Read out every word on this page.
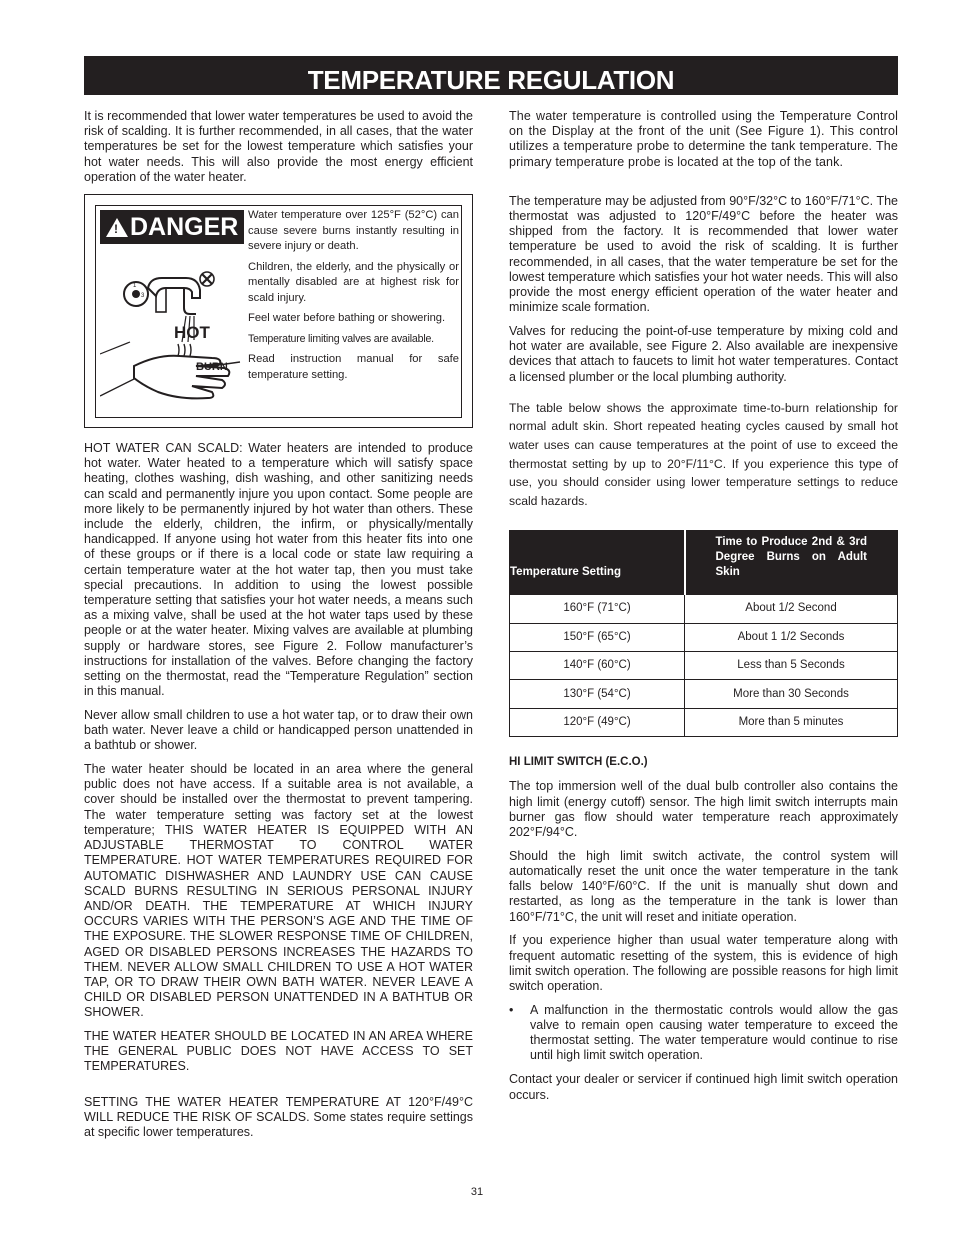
TEMPERATURE REGULATION

It is recommended that lower water temperatures be used to avoid the risk of scalding. It is further recommended, in all cases, that the water temperatures be set for the lowest temperature which satisfies your hot water needs. This will also provide the most energy efficient operation of the water heater.

! DANGER
1
3
HOT
BURN

Water temperature over 125°F (52°C) can cause severe burns instantly resulting in severe injury or death.

Children, the elderly, and the physically or mentally disabled are at highest risk for scald injury.

Feel water before bathing or showering.

Temperature limiting valves are available.

Read instruction manual for safe temperature setting.

HOT WATER CAN SCALD: Water heaters are intended to produce hot water. Water heated to a temperature which will satisfy space heating, clothes washing, dish washing, and other sanitizing needs can scald and permanently injure you upon contact. Some people are more likely to be permanently injured by hot water than others. These include the elderly, children, the infirm, or physically/mentally handicapped. If anyone using hot water from this heater fits into one of these groups or if there is a local code or state law requiring a certain temperature water at the hot water tap, then you must take special precautions. In addition to using the lowest possible temperature setting that satisfies your hot water needs, a means such as a mixing valve, shall be used at the hot water taps used by these people or at the water heater. Mixing valves are available at plumbing supply or hardware stores, see Figure 2. Follow manufacturer’s instructions for installation of the valves. Before changing the factory setting on the thermostat, read the “Temperature Regulation” section in this manual.

Never allow small children to use a hot water tap, or to draw their own bath water. Never leave a child or handicapped person unattended in a bathtub or shower.

The water heater should be located in an area where the general public does not have access. If a suitable area is not available, a cover should be installed over the thermostat to prevent tampering. The water temperature setting was factory set at the lowest temperature; THIS WATER HEATER IS EQUIPPED WITH AN ADJUSTABLE THERMOSTAT TO CONTROL WATER TEMPERATURE. HOT WATER TEMPERATURES REQUIRED FOR AUTOMATIC DISHWASHER AND LAUNDRY USE CAN CAUSE SCALD BURNS RESULTING IN SERIOUS PERSONAL INJURY AND/OR DEATH. THE TEMPERATURE AT WHICH INJURY OCCURS VARIES WITH THE PERSON’S AGE AND THE TIME OF THE EXPOSURE. THE SLOWER RESPONSE TIME OF CHILDREN, AGED OR DISABLED PERSONS INCREASES THE HAZARDS TO THEM. NEVER ALLOW SMALL CHILDREN TO USE A HOT WATER TAP, OR TO DRAW THEIR OWN BATH WATER. NEVER LEAVE A CHILD OR DISABLED PERSON UNATTENDED IN A BATHTUB OR SHOWER.

THE WATER HEATER SHOULD BE LOCATED IN AN AREA WHERE THE GENERAL PUBLIC DOES NOT HAVE ACCESS TO SET TEMPERATURES.

SETTING THE WATER HEATER TEMPERATURE AT 120°F/49°C WILL REDUCE THE RISK OF SCALDS. Some states require settings at specific lower temperatures.

The water temperature is controlled using the Temperature Control on the Display at the front of the unit (See Figure 1). This control utilizes a temperature probe to determine the tank temperature. The primary temperature probe is located at the top of the tank.

The temperature may be adjusted from 90°F/32°C to 160°F/71°C. The thermostat was adjusted to 120°F/49°C before the heater was shipped from the factory. It is recommended that lower water temperature be used to avoid the risk of scalding. It is further recommended, in all cases, that the water temperature be set for the lowest temperature which satisfies your hot water needs. This will also provide the most energy efficient operation of the water heater and minimize scale formation.

Valves for reducing the point-of-use temperature by mixing cold and hot water are available, see Figure 2. Also available are inexpensive devices that attach to faucets to limit hot water temperatures. Contact a licensed plumber or the local plumbing authority.

The table below shows the approximate time-to-burn relationship for normal adult skin. Short repeated heating cycles caused by small hot water uses can cause temperatures at the point of use to exceed the thermostat setting by up to 20°F/11°C. If you experience this type of use, you should consider using lower temperature settings to reduce scald hazards.

Temperature Setting	Time to Produce 2nd & 3rd Degree Burns on Adult Skin
160°F (71°C)	About 1/2 Second
150°F (65°C)	About 1 1/2 Seconds
140°F (60°C)	Less than 5 Seconds
130°F (54°C)	More than 30 Seconds
120°F (49°C)	More than 5 minutes

HI LIMIT SWITCH (E.C.O.)

The top immersion well of the dual bulb controller also contains the high limit (energy cutoff) sensor. The high limit switch interrupts main burner gas flow should water temperature reach approximately 202°F/94°C.

Should the high limit switch activate, the control system will automatically reset the unit once the water temperature in the tank falls below 140°F/60°C. If the unit is manually shut down and restarted, as long as the temperature in the tank is lower than 160°F/71°C, the unit will reset and initiate operation.

If you experience higher than usual water temperature along with frequent automatic resetting of the system, this is evidence of high limit switch operation. The following are possible reasons for high limit switch operation.

•	A malfunction in the thermostatic controls would allow the gas valve to remain open causing water temperature to exceed the thermostat setting. The water temperature would continue to rise until high limit switch operation.

Contact your dealer or servicer if continued high limit switch operation occurs.

31
